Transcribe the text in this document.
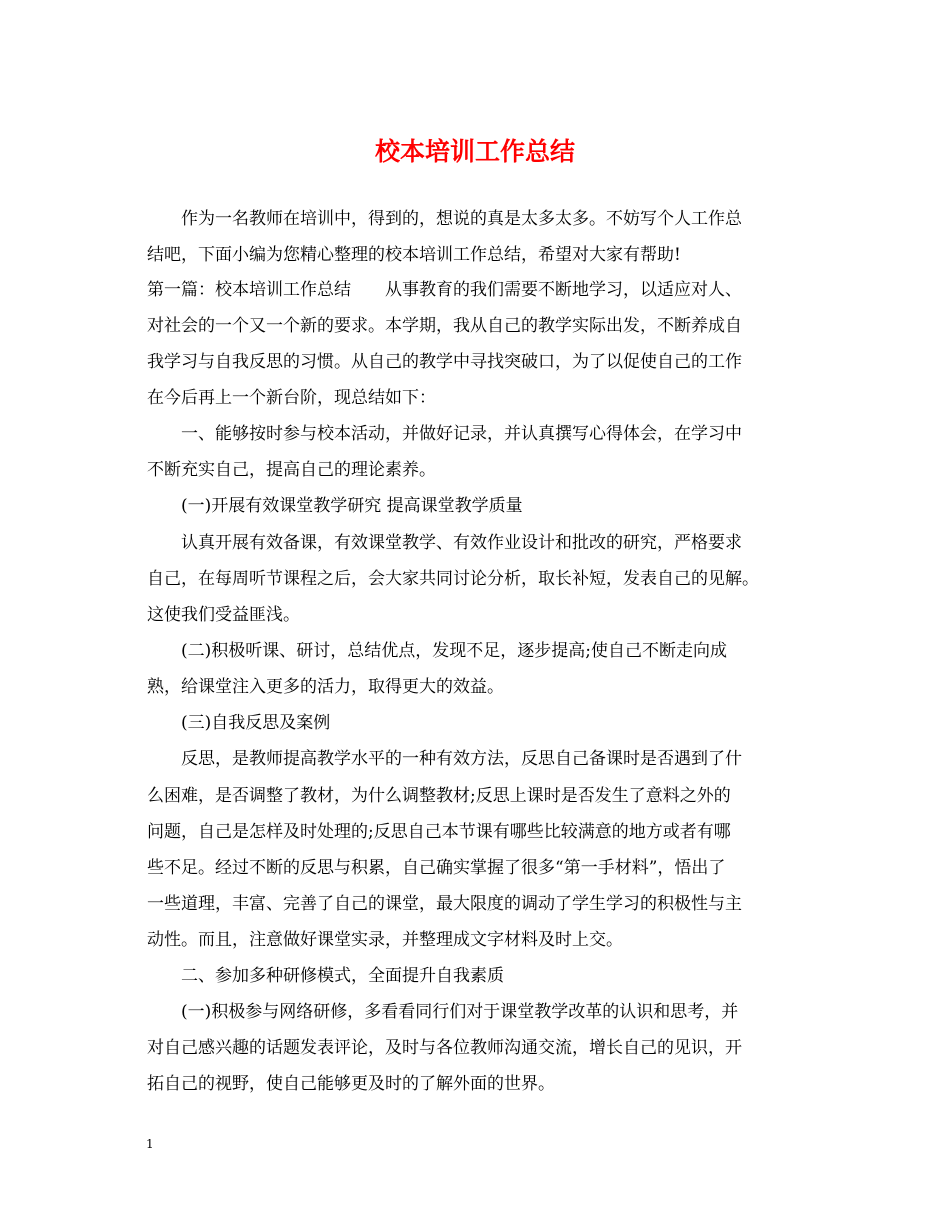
校本培训工作总结
　　作为一名教师在培训中，得到的，想说的真是太多太多。不妨写个人工作总
结吧，下面小编为您精心整理的校本培训工作总结，希望对大家有帮助!
第一篇：校本培训工作总结　　从事教育的我们需要不断地学习，以适应对人、
对社会的一个又一个新的要求。本学期，我从自己的教学实际出发，不断养成自
我学习与自我反思的习惯。从自己的教学中寻找突破口，为了以促使自己的工作
在今后再上一个新台阶，现总结如下：
　　一、能够按时参与校本活动，并做好记录，并认真撰写心得体会，在学习中
不断充实自己，提高自己的理论素养。
　　(一)开展有效课堂教学研究 提高课堂教学质量
　　认真开展有效备课，有效课堂教学、有效作业设计和批改的研究，严格要求
自己，在每周听节课程之后，会大家共同讨论分析，取长补短，发表自己的见解。
这使我们受益匪浅。
　　(二)积极听课、研讨，总结优点，发现不足，逐步提高;使自己不断走向成
熟，给课堂注入更多的活力，取得更大的效益。
　　(三)自我反思及案例
　　反思，是教师提高教学水平的一种有效方法，反思自己备课时是否遇到了什
么困难，是否调整了教材，为什么调整教材;反思上课时是否发生了意料之外的
问题，自己是怎样及时处理的;反思自己本节课有哪些比较满意的地方或者有哪
些不足。经过不断的反思与积累，自己确实掌握了很多“第一手材料”，悟出了
一些道理，丰富、完善了自己的课堂，最大限度的调动了学生学习的积极性与主
动性。而且，注意做好课堂实录，并整理成文字材料及时上交。
　　二、参加多种研修模式，全面提升自我素质
　　(一)积极参与网络研修，多看看同行们对于课堂教学改革的认识和思考，并
对自己感兴趣的话题发表评论，及时与各位教师沟通交流，增长自己的见识，开
拓自己的视野，使自己能够更及时的了解外面的世界。
1
